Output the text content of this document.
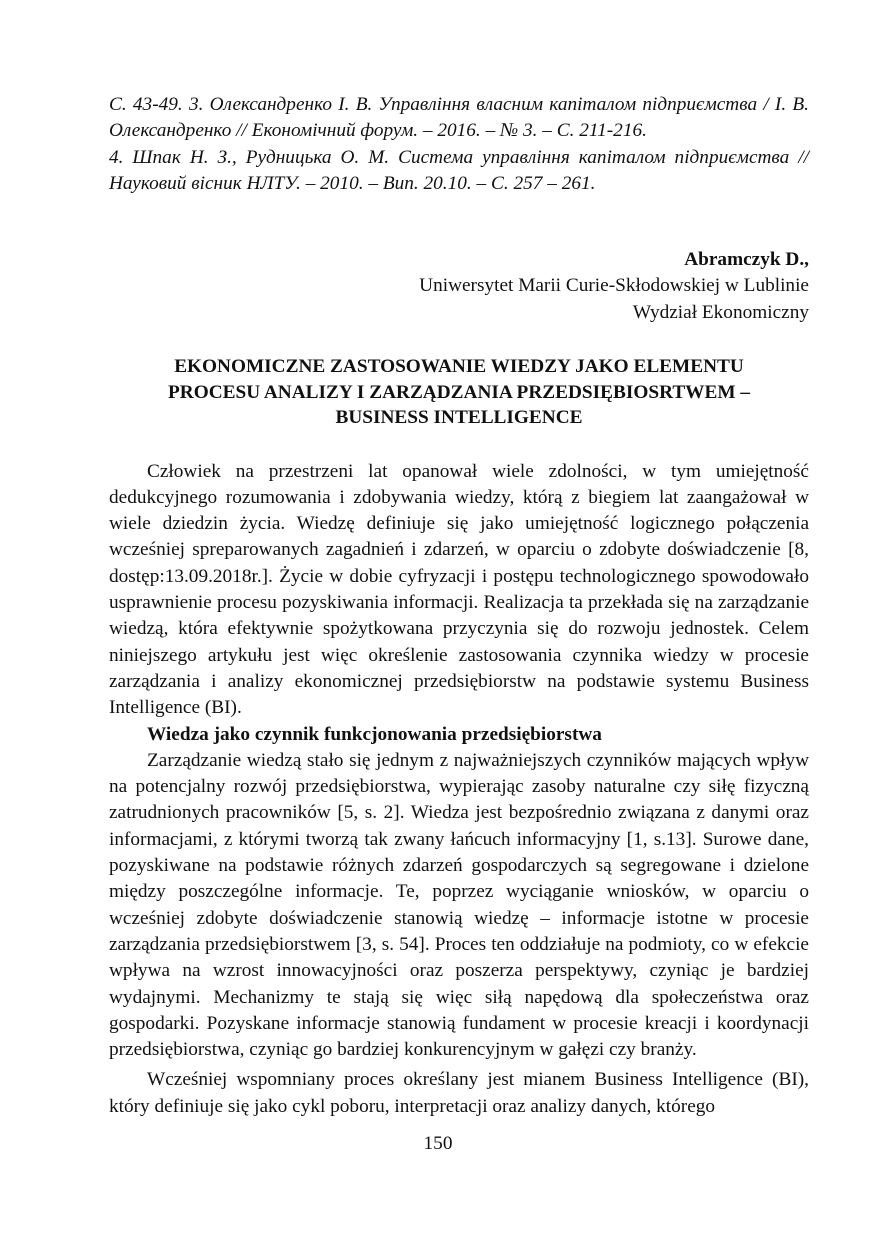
С. 43-49. 3. Олександренко І. В. Управління власним капіталом підприємства / І. В. Олександренко // Економічний форум. – 2016. – № 3. – С. 211-216.

4. Шпак Н. З., Рудницька О. М. Система управління капіталом підприємства // Науковий вісник НЛТУ. – 2010. – Вип. 20.10. – С. 257 – 261.

Abramczyk D.,
Uniwersytet Marii Curie-Skłodowskiej w Lublinie
Wydział Ekonomiczny
EKONOMICZNE ZASTOSOWANIE WIEDZY JAKO ELEMENTU
PROCESU ANALIZY I ZARZĄDZANIA PRZEDSIĘBIOSRTWEM –
BUSINESS INTELLIGENCE

Człowiek na przestrzeni lat opanował wiele zdolności, w tym umiejętność dedukcyjnego rozumowania i zdobywania wiedzy, którą z biegiem lat zaangażował w wiele dziedzin życia. Wiedzę definiuje się jako umiejętność logicznego połączenia wcześniej spreparowanych zagadnień i zdarzeń, w oparciu o zdobyte doświadczenie [8, dostęp:13.09.2018r.]. Życie w dobie cyfryzacji i postępu technologicznego spowodowało usprawnienie procesu pozyskiwania informacji. Realizacja ta przekłada się na zarządzanie wiedzą, która efektywnie spożytkowana przyczynia się do rozwoju jednostek. Celem niniejszego artykułu jest więc określenie zastosowania czynnika wiedzy w procesie zarządzania i analizy ekonomicznej przedsiębiorstw na podstawie systemu Business Intelligence (BI).

Wiedza jako czynnik funkcjonowania przedsiębiorstwa

Zarządzanie wiedzą stało się jednym z najważniejszych czynników mających wpływ na potencjalny rozwój przedsiębiorstwa, wypierając zasoby naturalne czy siłę fizyczną zatrudnionych pracowników [5, s. 2]. Wiedza jest bezpośrednio związana z danymi oraz informacjami, z którymi tworzą tak zwany łańcuch informacyjny [1, s.13]. Surowe dane, pozyskiwane na podstawie różnych zdarzeń gospodarczych są segregowane i dzielone między poszczególne informacje. Te, poprzez wyciąganie wniosków, w oparciu o wcześniej zdobyte doświadczenie stanowią wiedzę – informacje istotne w procesie zarządzania przedsiębiorstwem [3, s. 54]. Proces ten oddziałuje na podmioty, co w efekcie wpływa na wzrost innowacyjności oraz poszerza perspektywy, czyniąc je bardziej wydajnymi. Mechanizmy te stają się więc siłą napędową dla społeczeństwa oraz gospodarki. Pozyskane informacje stanowią fundament w procesie kreacji i koordynacji przedsiębiorstwa, czyniąc go bardziej konkurencyjnym w gałęzi czy branży.

Wcześniej wspomniany proces określany jest mianem Business Intelligence (BI), który definiuje się jako cykl poboru, interpretacji oraz analizy danych, którego

150
